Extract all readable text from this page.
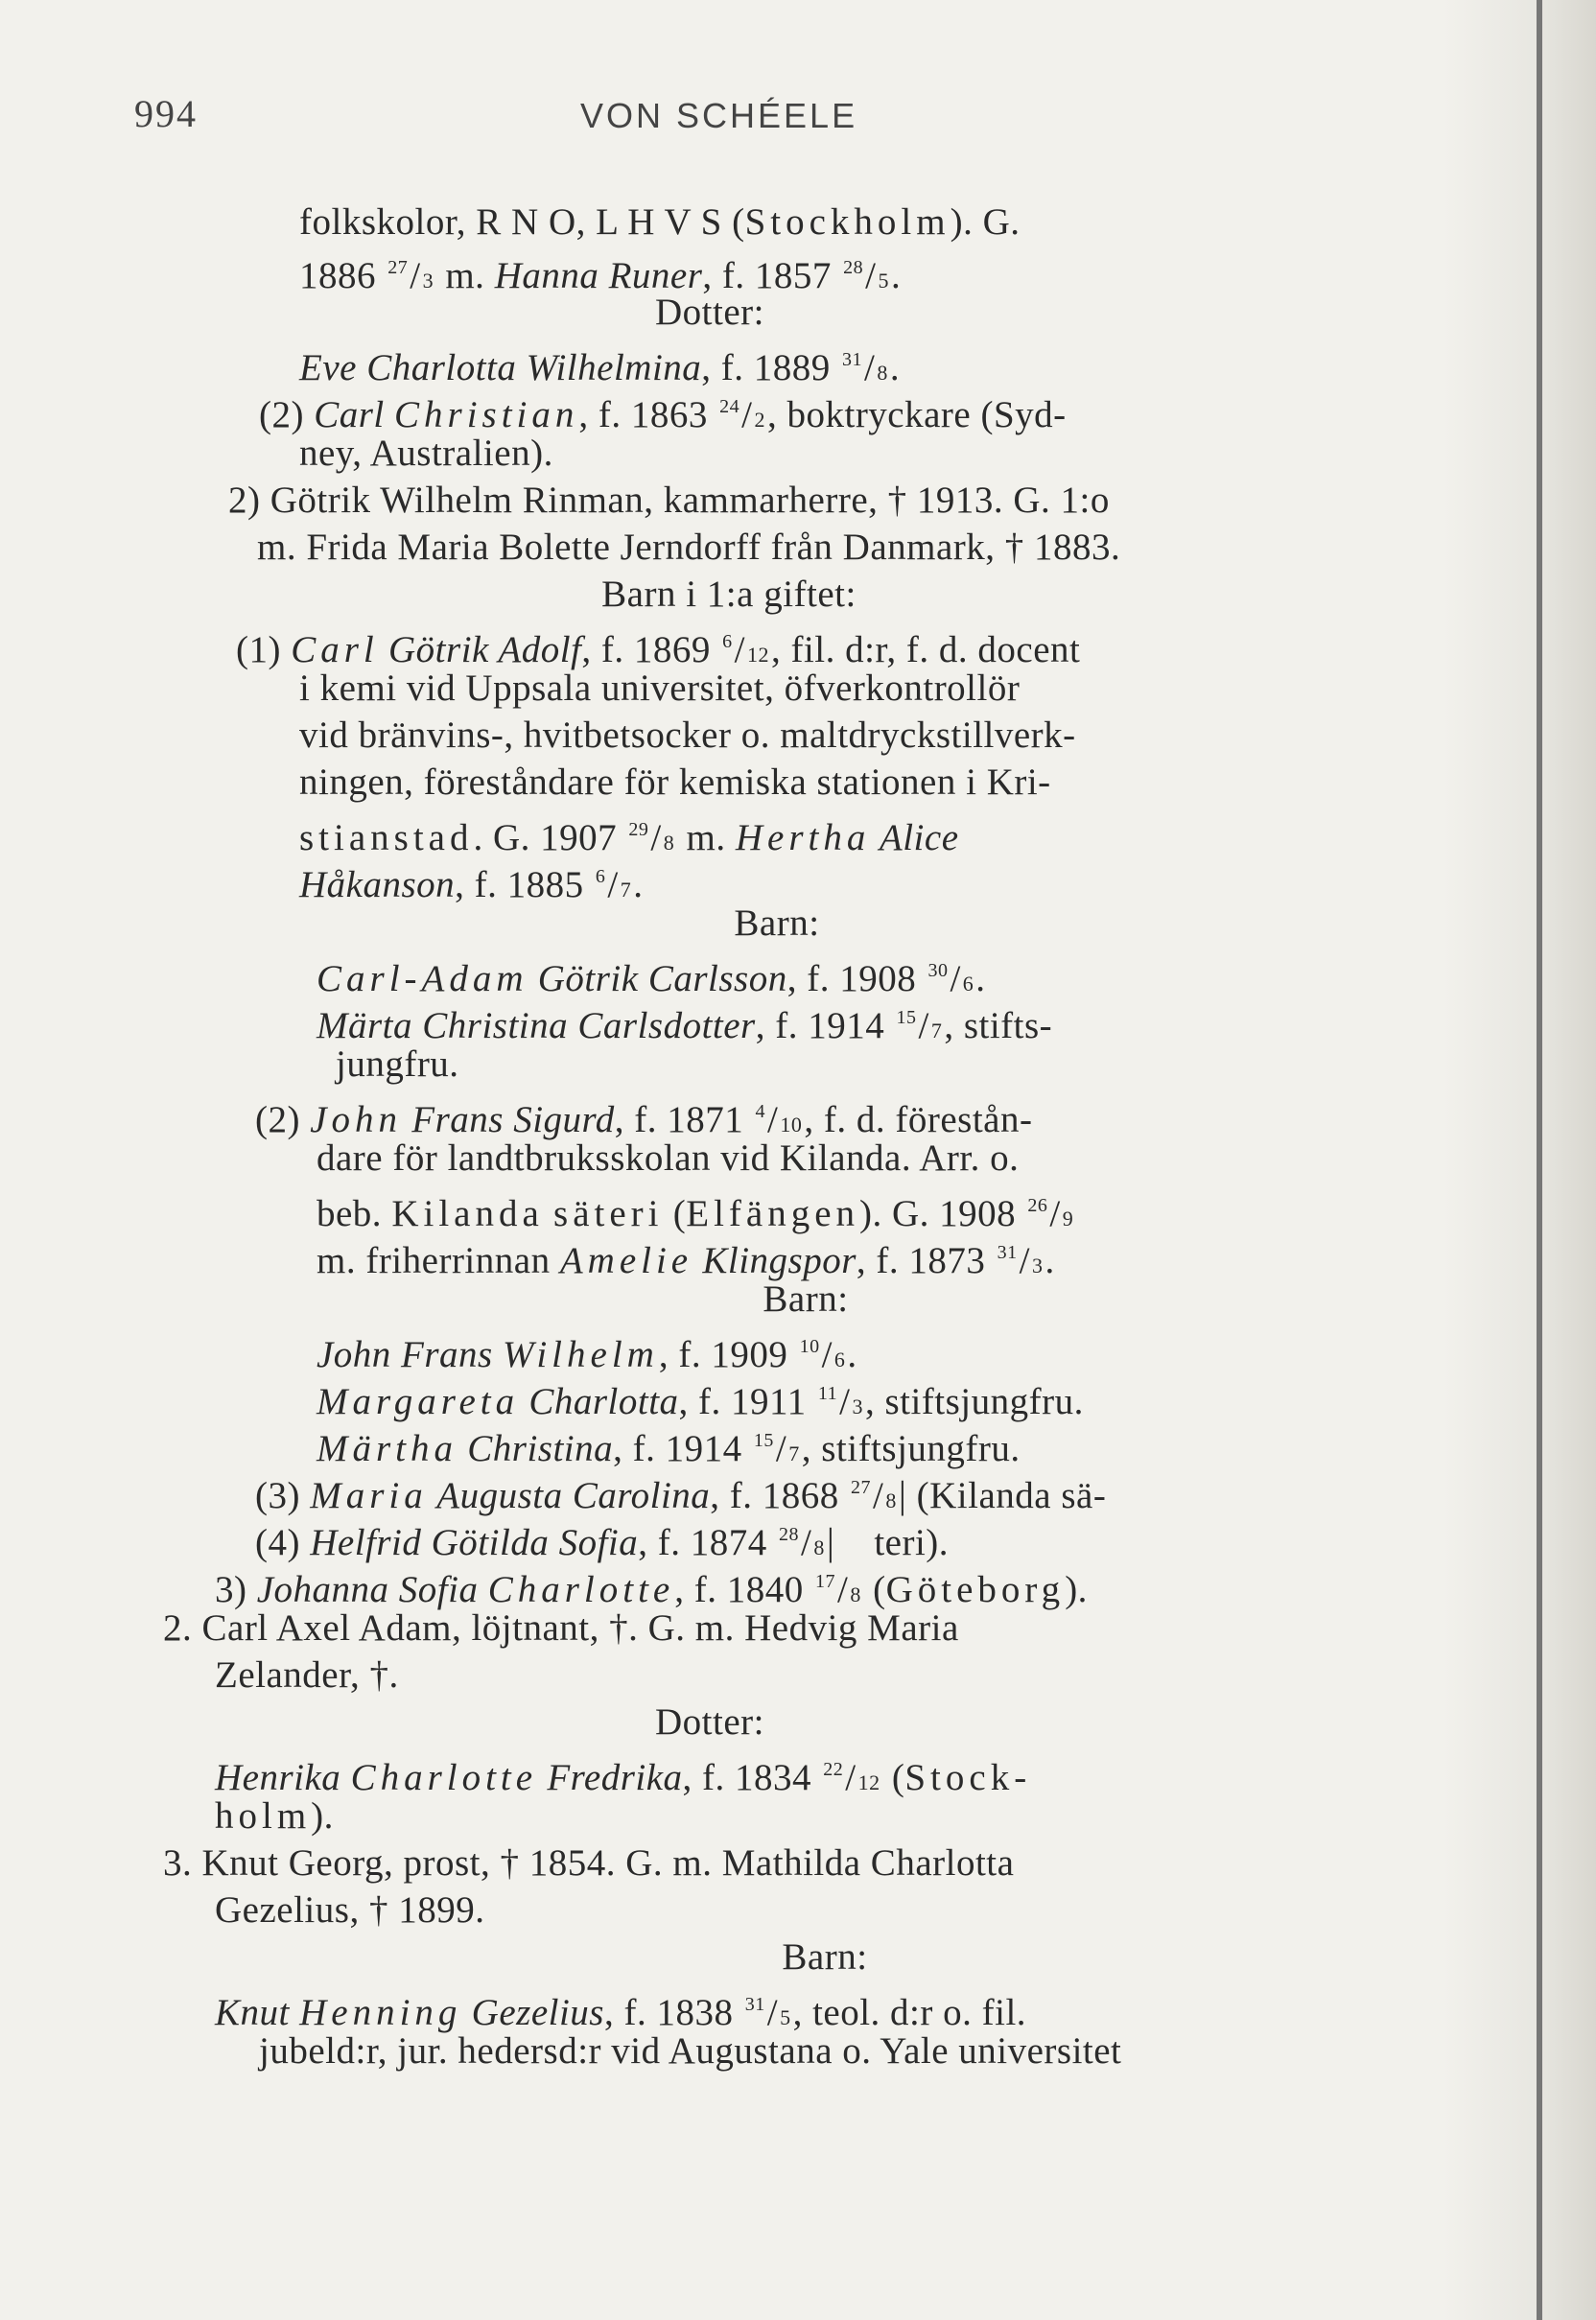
994	VON SCHÉELE
folkskolor, R N O, L H V S (Stockholm). G.
1886 $^{27}$/3 m. Hanna Runer, f. 1857 $^{28}$/5.
Dotter:
Eve Charlotta Wilhelmina, f. 1889 $^{31}$/8.
(2) Carl Christian, f. 1863 $^{24}$/2, boktryckare (Syd-
ney, Australien).
2) Götrik Wilhelm Rinman, kammarherre, † 1913. G. 1:o
m. Frida Maria Bolette Jerndorff från Danmark, † 1883.
Barn i 1:a giftet:
(1) Carl Götrik Adolf, f. 1869 $^6$/12, fil. d:r, f. d. docent
i kemi vid Uppsala universitet, öfverkontrollör
vid bränvins-, hvitbetsocker o. maltdryckstillverk-
ningen, föreståndare för kemiska stationen i Kri-
stianstad. G. 1907 $^{29}$/8 m. Hertha Alice
Håkanson, f. 1885 $^6$/7.
Barn:
Carl-Adam Götrik Carlsson, f. 1908 $^{30}$/6.
Märta Christina Carlsdotter, f. 1914 $^{15}$/7, stifts-
jungfru.
(2) John Frans Sigurd, f. 1871 $^4$/10, f. d. förestån-
dare för landtbruksskolan vid Kilanda. Arr. o.
beb. Kilanda säteri (Elfängen). G. 1908 $^{26}$/9
m. friherrinnan Amelie Klingspor, f. 1873 $^{31}$/3.
Barn:
John Frans Wilhelm, f. 1909 $^{10}$/6.
Margareta Charlotta, f. 1911 $^{11}$/3, stiftsjungfru.
Märtha Christina, f. 1914 $^{15}$/7, stiftsjungfru.
(3) Maria Augusta Carolina, f. 1868 $^{27}$/8| (Kilanda sä-
(4) Helfrid Götilda Sofia, f. 1874 $^{28}$/8|    teri).
3) Johanna Sofia Charlotte, f. 1840 $^{17}$/8 (Göteborg).
2. Carl Axel Adam, löjtnant, †. G. m. Hedvig Maria
Zelander, †.
Dotter:
Henrika Charlotte Fredrika, f. 1834 $^{22}$/12 (Stock-
holm).
3. Knut Georg, prost, † 1854. G. m. Mathilda Charlotta
Gezelius, † 1899.
Barn:
Knut Henning Gezelius, f. 1838 $^{31}$/5, teol. d:r o. fil.
jubeld:r, jur. hedersd:r vid Augustana o. Yale universitet
